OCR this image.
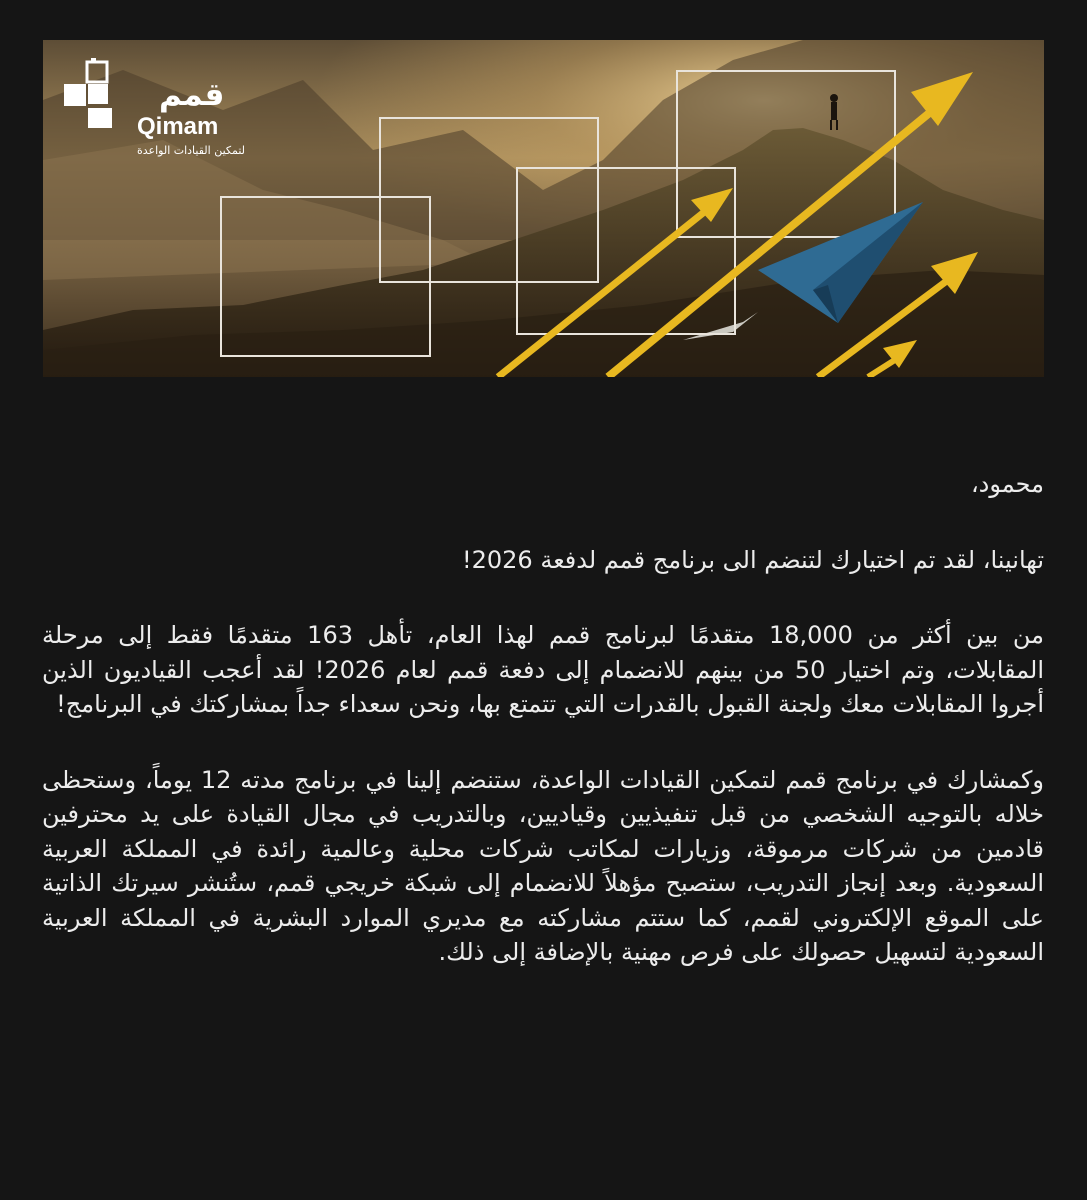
قمم
Qimam
لتمكين القيادات الواعدة

محمود،

تهانينا، لقد تم اختيارك لتنضم الى برنامج قمم لدفعة 2026!

من بين أكثر من 18,000 متقدمًا لبرنامج قمم لهذا العام، تأهل 163 متقدمًا فقط إلى مرحلة المقابلات، وتم اختيار 50 من بينهم للانضمام إلى دفعة قمم لعام 2026! لقد أعجب القياديون الذين أجروا المقابلات معك ولجنة القبول بالقدرات التي تتمتع بها، ونحن سعداء جداً بمشاركتك في البرنامج!

وكمشارك في برنامج قمم لتمكين القيادات الواعدة، ستنضم إلينا في برنامج مدته 12 يوماً، وستحظى خلاله بالتوجيه الشخصي من قبل تنفيذيين وقياديين، وبالتدريب في مجال القيادة على يد محترفين قادمين من شركات مرموقة، وزيارات لمكاتب شركات محلية وعالمية رائدة في المملكة العربية السعودية. وبعد إنجاز التدريب، ستصبح مؤهلاً للانضمام إلى شبكة خريجي قمم، ستُنشر سيرتك الذاتية على الموقع الإلكتروني لقمم، كما ستتم مشاركته مع مديري الموارد البشرية في المملكة العربية السعودية لتسهيل حصولك على فرص مهنية بالإضافة إلى ذلك.
